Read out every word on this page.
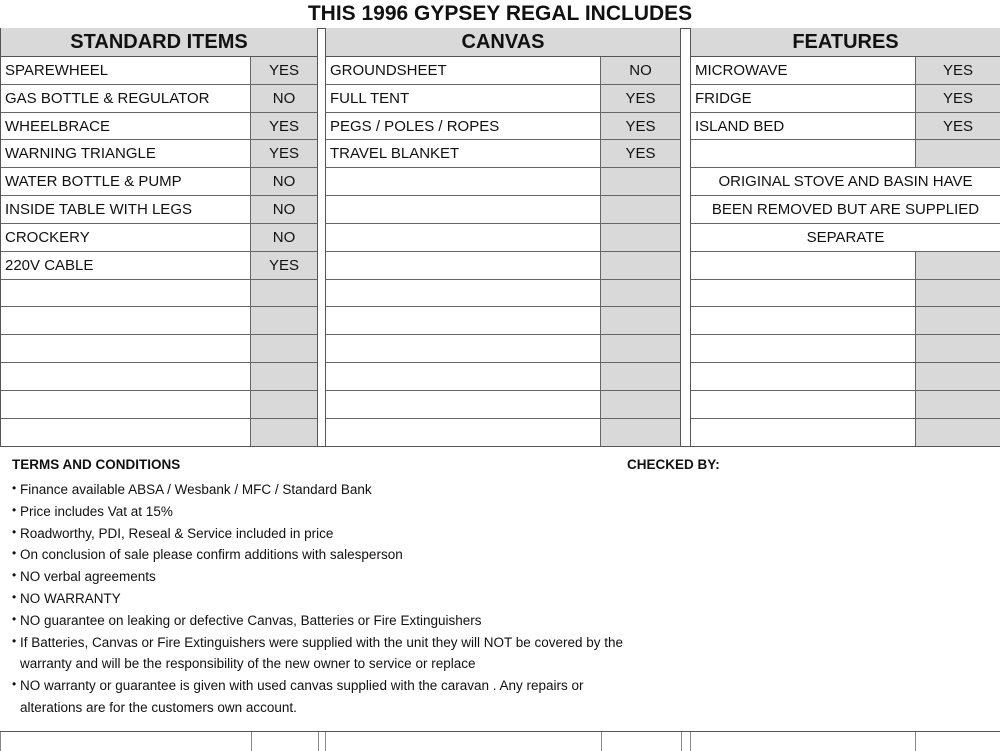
THIS 1996 GYPSEY REGAL INCLUDES
STANDARD ITEMS
SPAREWHEEL	YES
GAS BOTTLE & REGULATOR	NO
WHEELBRACE	YES
WARNING TRIANGLE	YES
WATER BOTTLE & PUMP	NO
INSIDE TABLE WITH LEGS	NO
CROCKERY	NO
220V CABLE	YES
CANVAS
GROUNDSHEET	NO
FULL TENT	YES
PEGS / POLES / ROPES	YES
TRAVEL BLANKET	YES
FEATURES
MICROWAVE	YES
FRIDGE	YES
ISLAND BED	YES
ORIGINAL STOVE AND BASIN HAVE
BEEN REMOVED BUT ARE SUPPLIED
SEPARATE
TERMS AND CONDITIONS	CHECKED BY:
• Finance available ABSA / Wesbank / MFC / Standard Bank
• Price includes Vat at 15%
• Roadworthy, PDI, Reseal & Service included in price
• On conclusion of sale please confirm additions with salesperson
• NO verbal agreements
• NO WARRANTY
• NO guarantee on leaking or defective Canvas, Batteries or Fire Extinguishers
• If Batteries, Canvas or Fire Extinguishers were supplied with the unit they will NOT be covered by the
warranty and will be the responsibility of the new owner to service or replace
• NO warranty or guarantee is given with used canvas supplied with the caravan . Any repairs or
alterations are for the customers own account.
